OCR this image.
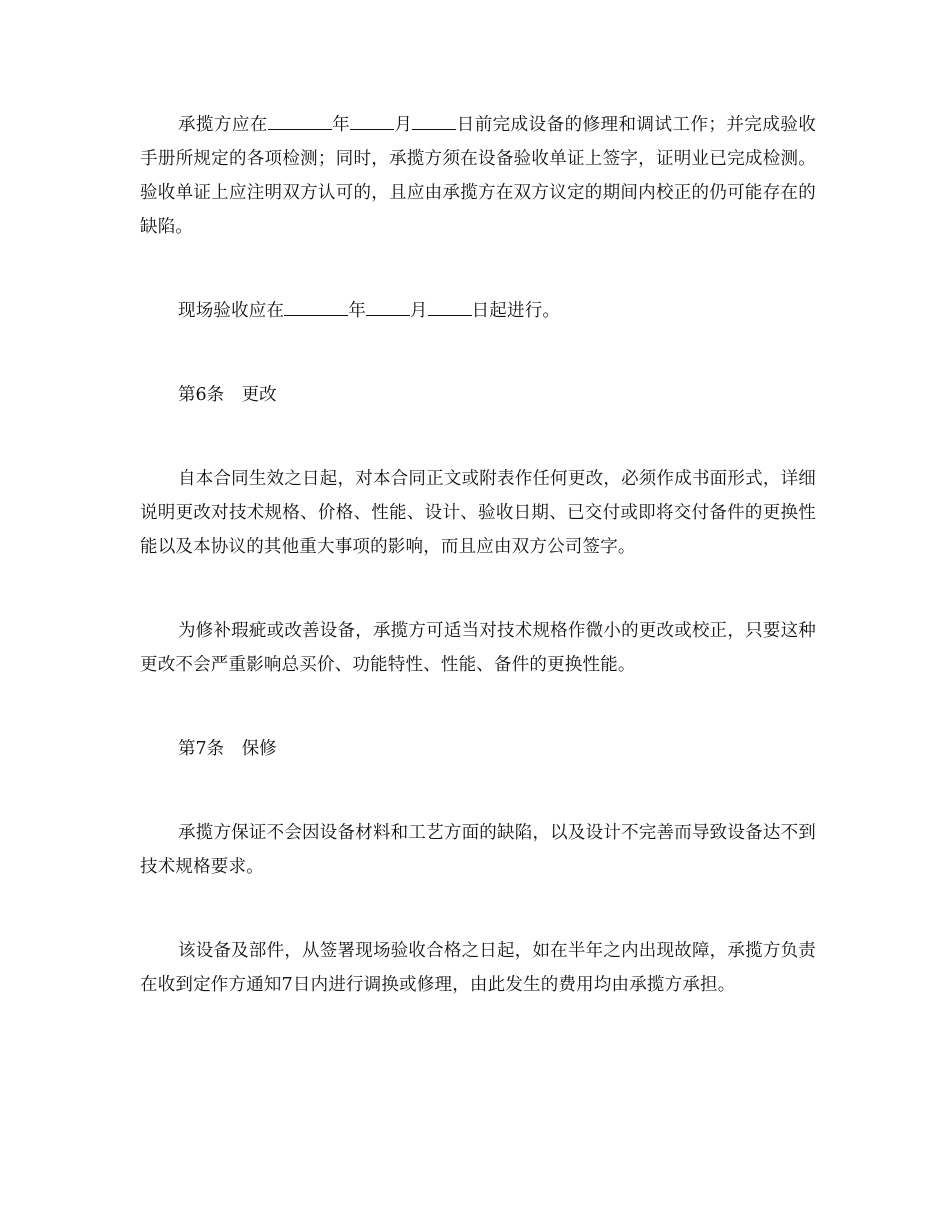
承揽方应在	年	月	日前完成设备的修理和调试工作；并完成验收手册所规定的各项检测；同时，承揽方须在设备验收单证上签字，证明业已完成检测。验收单证上应注明双方认可的，且应由承揽方在双方议定的期间内校正的仍可能存在的缺陷。

现场验收应在	年	月	日起进行。

第6条　更改

自本合同生效之日起，对本合同正文或附表作任何更改，必须作成书面形式，详细说明更改对技术规格、价格、性能、设计、验收日期、已交付或即将交付备件的更换性能以及本协议的其他重大事项的影响，而且应由双方公司签字。

为修补瑕疵或改善设备，承揽方可适当对技术规格作微小的更改或校正，只要这种更改不会严重影响总买价、功能特性、性能、备件的更换性能。

第7条　保修

承揽方保证不会因设备材料和工艺方面的缺陷，以及设计不完善而导致设备达不到技术规格要求。

该设备及部件，从签署现场验收合格之日起，如在半年之内出现故障，承揽方负责在收到定作方通知7日内进行调换或修理，由此发生的费用均由承揽方承担。
